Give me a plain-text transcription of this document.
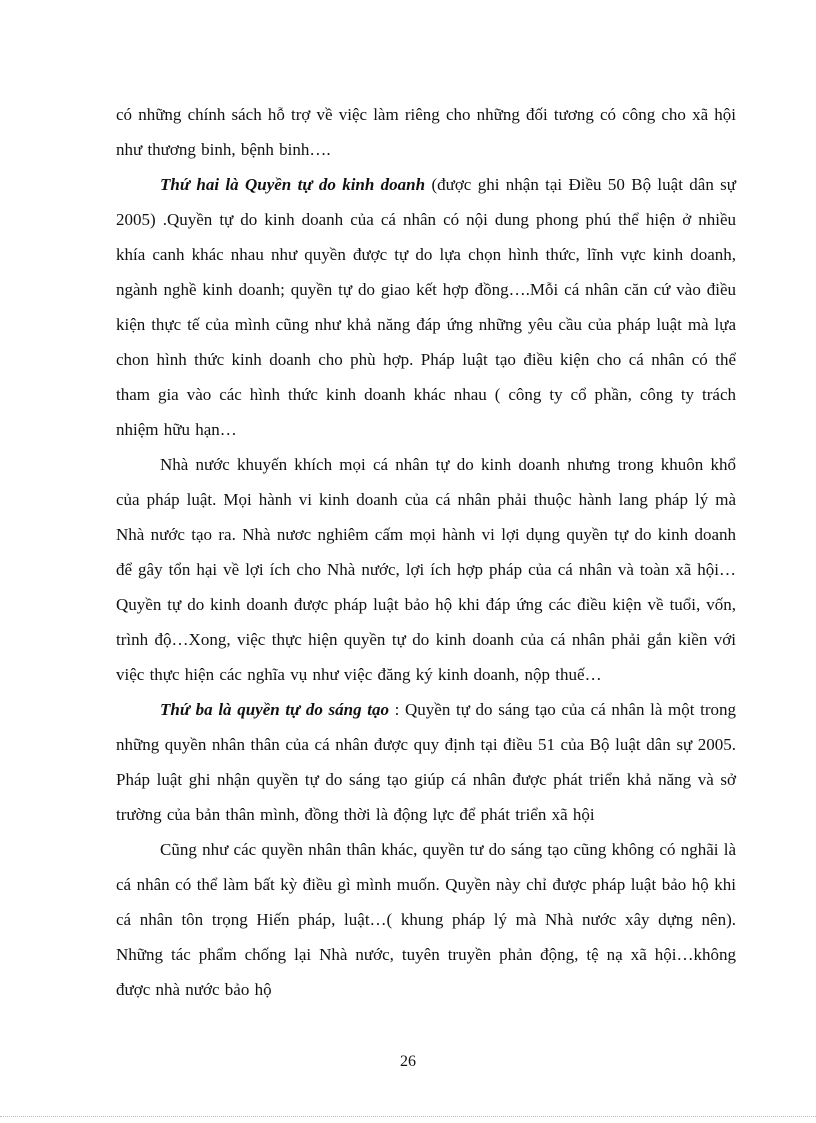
có những chính sách hỗ trợ về việc làm riêng cho những đối tương có công cho xã hội như thương binh, bệnh binh….

Thứ hai là Quyền tự do kinh doanh (được ghi nhận tại Điều 50 Bộ luật dân sự 2005) .Quyền tự do kinh doanh của cá nhân có nội dung phong phú thể hiện ở nhiều khía canh khác nhau như quyền được tự do lựa chọn hình thức, lĩnh vực kinh doanh, ngành nghề kinh doanh; quyền tự do giao kết hợp đồng….Mỗi cá nhân căn cứ vào điều kiện thực tế của mình cũng như khả năng đáp ứng những yêu cầu của pháp luật mà lựa chon hình thức kinh doanh cho phù hợp. Pháp luật tạo điều kiện cho cá nhân có thể tham gia vào các hình thức kinh doanh khác nhau ( công ty cổ phần, công ty trách nhiệm hữu hạn…

Nhà nước khuyến khích mọi cá nhân tự do kinh doanh nhưng trong khuôn khổ của pháp luật. Mọi hành vi kinh doanh của cá nhân phải thuộc hành lang pháp lý mà Nhà nước tạo ra. Nhà nươc nghiêm cấm mọi hành vi lợi dụng quyền tự do kinh doanh để gây tổn hại về lợi ích cho Nhà nước, lợi ích hợp pháp của cá nhân và toàn xã hội…Quyền tự do kinh doanh được pháp luật bảo hộ khi đáp ứng các điều kiện về tuổi, vốn, trình độ…Xong, việc thực hiện quyền tự do kinh doanh của cá nhân phải gắn kiền với việc thực hiện các nghĩa vụ như việc đăng ký kinh doanh, nộp thuế…

Thứ ba là quyền tự do sáng tạo : Quyền tự do sáng tạo của cá nhân là một trong những quyền nhân thân của cá nhân được quy định tại điều 51 của Bộ luật dân sự 2005. Pháp luật ghi nhận quyền tự do sáng tạo giúp cá nhân được phát triển khả năng và sở trường của bản thân mình, đồng thời là động lực để phát triển xã hội

Cũng như các quyền nhân thân khác, quyền tư do sáng tạo cũng không có nghãi là cá nhân có thể làm bất kỳ điều gì mình muốn. Quyền này chỉ được pháp luật bảo hộ khi cá nhân tôn trọng Hiến pháp, luật…( khung pháp lý mà Nhà nước xây dựng nên). Những tác phẩm chống lại Nhà nước, tuyên truyền phản động, tệ nạ xã hội…không được nhà nước bảo hộ

26
